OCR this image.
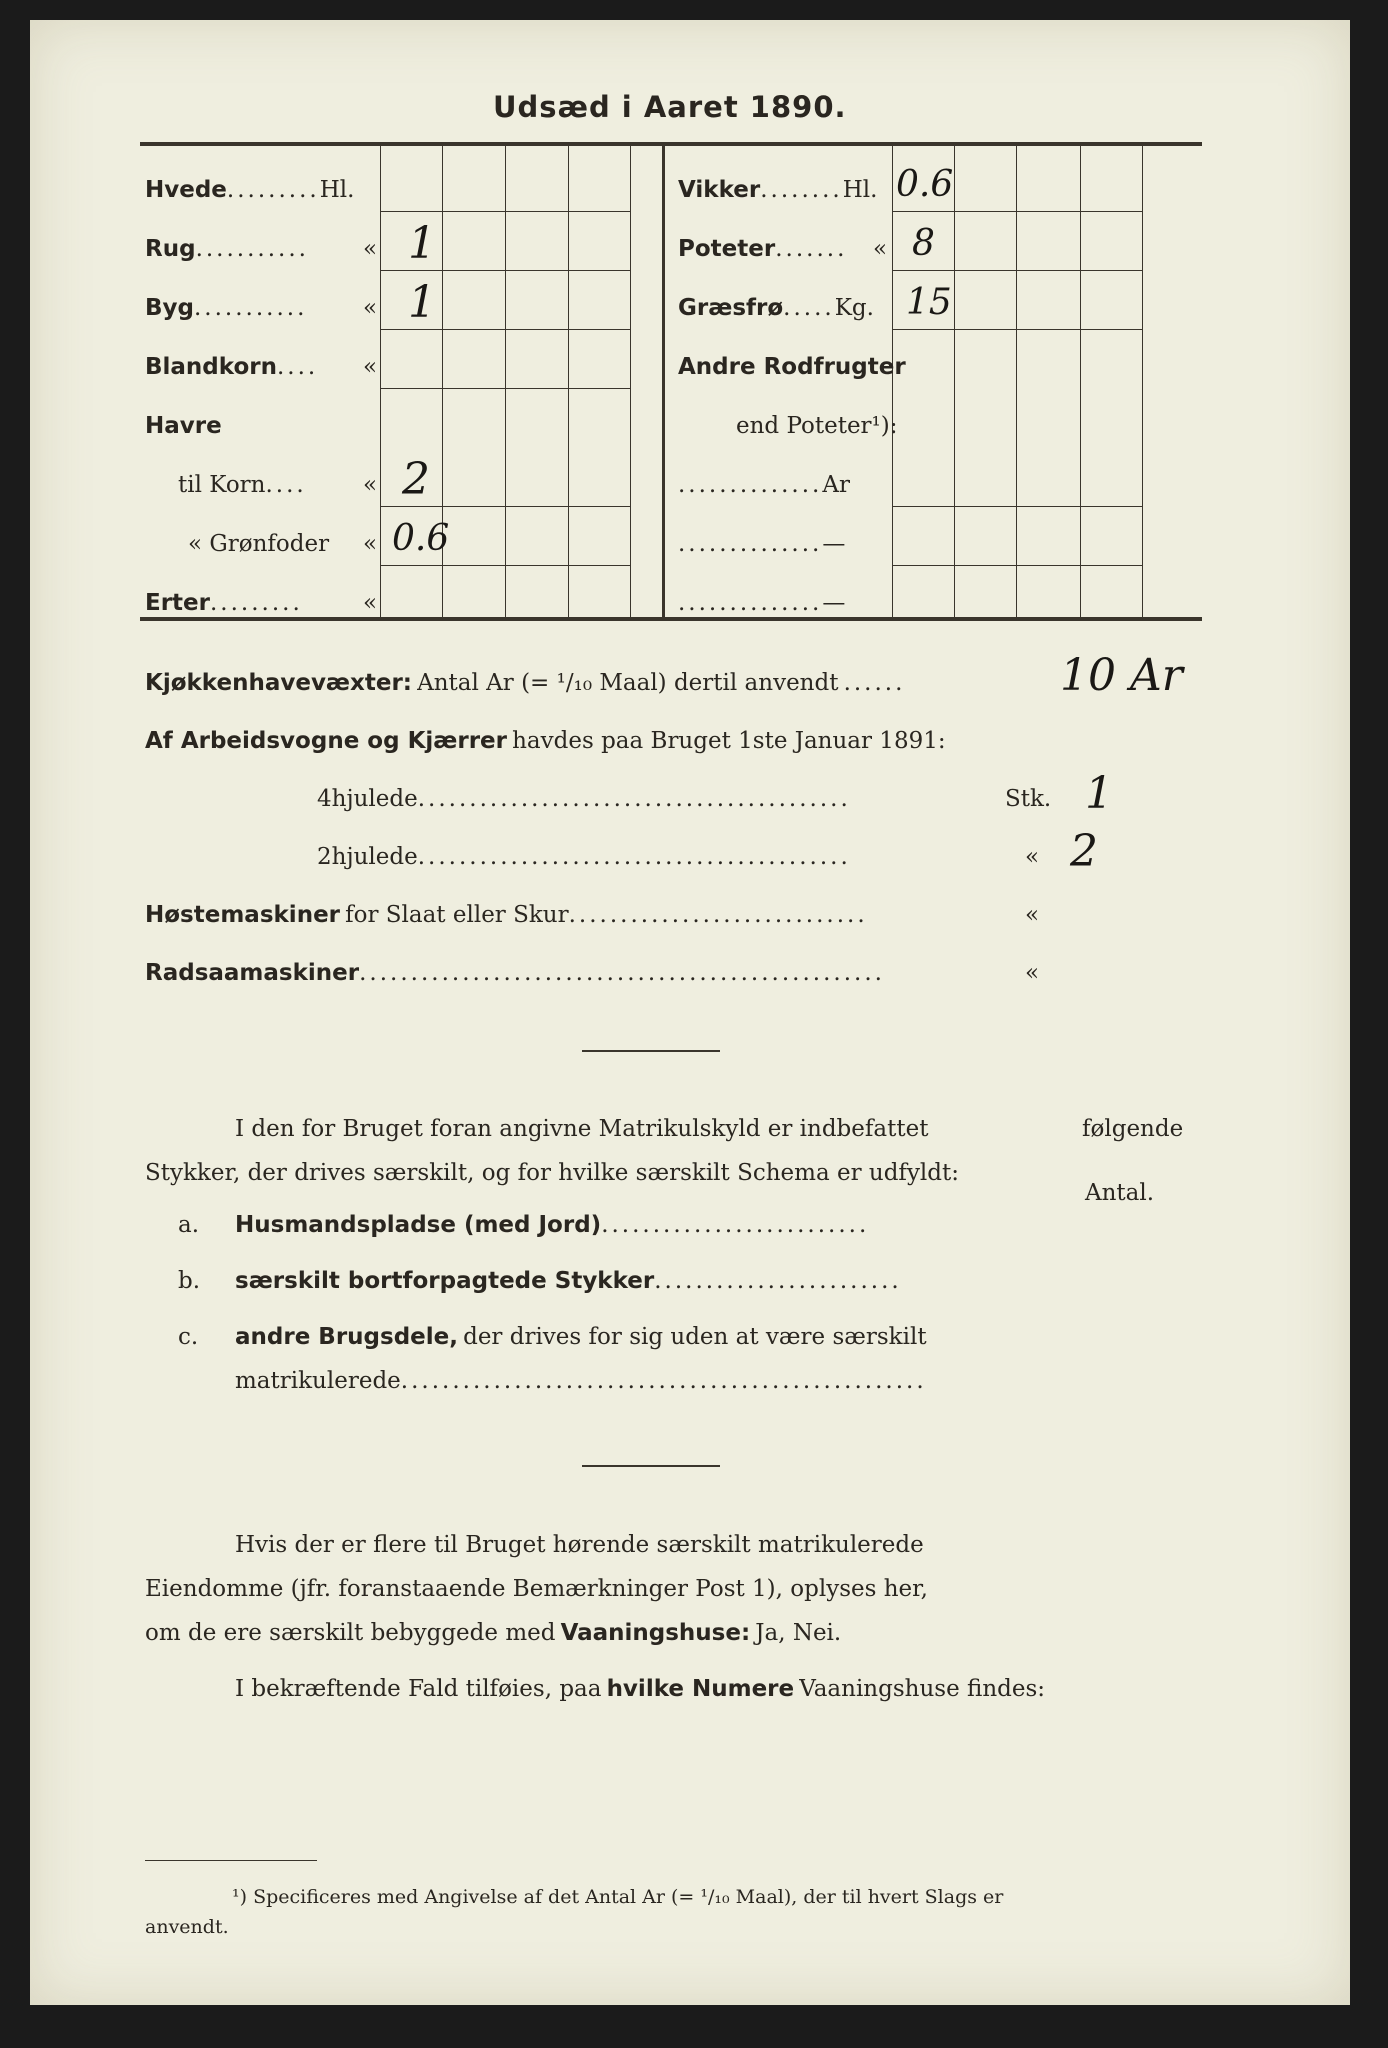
Udsæd i Aaret 1890.
Hvede.........Hl.
Rug........... « 1
Byg........... « 1
Blandkorn.... «
Havre
til Korn.... « 2
« Grønfoder « 0.6
Erter.........	«
Vikker........Hl. 0.6
Poteter....... « 8
Græsfrø.....Kg. 15
Andre Rodfrugter
end Poteter¹):
..............Ar
..............—
..............—
Kjøkkenhavevæxter: Antal Ar (= ¹/₁₀ Maal) dertil anvendt ......	10 Ar
Af Arbeidsvogne og Kjærrer havdes paa Bruget 1ste Januar 1891:
4hjulede..........................................	Stk. 1
2hjulede..........................................	« 2
Høstemaskiner for Slaat eller Skur.............................	«
Radsaamaskiner...................................................	«
I den for Bruget foran angivne Matrikulskyld er indbefattet	følgende
Stykker, der drives særskilt, og for hvilke særskilt Schema er udfyldt:
Antal.
a. Husmandspladse (med Jord)..........................
b. særskilt bortforpagtede Stykker........................
c. andre Brugsdele, der drives for sig uden at være særskilt
matrikulerede...................................................
Hvis der er flere til Bruget hørende særskilt matrikulerede
Eiendomme (jfr. foranstaaende Bemærkninger Post 1), oplyses her,
om de ere særskilt bebyggede med Vaaningshuse: Ja, Nei.
I bekræftende Fald tilføies, paa hvilke Numere Vaaningshuse findes:
¹) Specificeres med Angivelse af det Antal Ar (= ¹/₁₀ Maal), der til hvert Slags er
anvendt.
